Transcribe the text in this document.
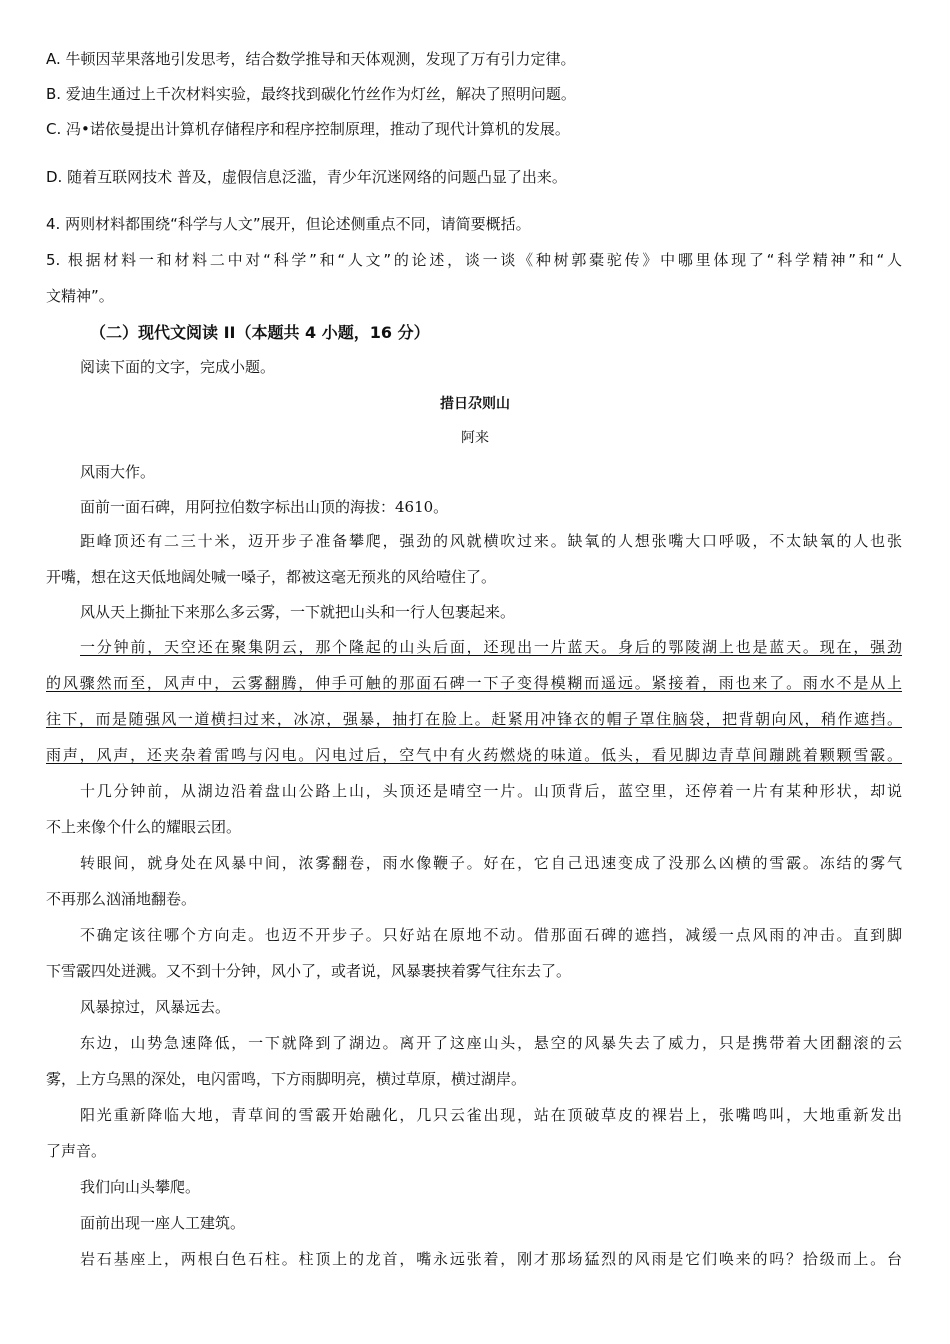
A. 牛顿因苹果落地引发思考，结合数学推导和天体观测，发现了万有引力定律。
B. 爱迪生通过上千次材料实验，最终找到碳化竹丝作为灯丝，解决了照明问题。
C. 冯•诺依曼提出计算机存储程序和程序控制原理，推动了现代计算机的发展。
D. 随着互联网技术 普及，虚假信息泛滥，青少年沉迷网络的问题凸显了出来。
4. 两则材料都围绕“科学与人文”展开，但论述侧重点不同，请简要概括。
5. 根据材料一和材料二中对“科学”和“人文”的论述，谈一谈《种树郭橐驼传》中哪里体现了“科学精神”和“人
文精神”。
（二）现代文阅读 II（本题共 4 小题，16 分）
阅读下面的文字，完成小题。
措日尕则山
阿来
风雨大作。
面前一面石碑，用阿拉伯数字标出山顶的海拔：4610。
距峰顶还有二三十米，迈开步子准备攀爬，强劲的风就横吹过来。缺氧的人想张嘴大口呼吸，不太缺氧的人也张
开嘴，想在这天低地阔处喊一嗓子，都被这毫无预兆的风给噎住了。
风从天上撕扯下来那么多云雾，一下就把山头和一行人包裹起来。
一分钟前，天空还在聚集阴云，那个隆起的山头后面，还现出一片蓝天。身后的鄂陵湖上也是蓝天。现在，强劲
的风骤然而至，风声中，云雾翻腾，伸手可触的那面石碑一下子变得模糊而遥远。紧接着，雨也来了。雨水不是从上
往下，而是随强风一道横扫过来，冰凉，强暴，抽打在脸上。赶紧用冲锋衣的帽子罩住脑袋，把背朝向风，稍作遮挡。
雨声，风声，还夹杂着雷鸣与闪电。闪电过后，空气中有火药燃烧的味道。低头，看见脚边青草间蹦跳着颗颗雪霰。
十几分钟前，从湖边沿着盘山公路上山，头顶还是晴空一片。山顶背后，蓝空里，还停着一片有某种形状，却说
不上来像个什么的耀眼云团。
转眼间，就身处在风暴中间，浓雾翻卷，雨水像鞭子。好在，它自己迅速变成了没那么凶横的雪霰。冻结的雾气
不再那么汹涌地翻卷。
不确定该往哪个方向走。也迈不开步子。只好站在原地不动。借那面石碑的遮挡，减缓一点风雨的冲击。直到脚
下雪霰四处迸溅。又不到十分钟，风小了，或者说，风暴裹挟着雾气往东去了。
风暴掠过，风暴远去。
东边，山势急速降低，一下就降到了湖边。离开了这座山头，悬空的风暴失去了威力，只是携带着大团翻滚的云
雾，上方乌黑的深处，电闪雷鸣，下方雨脚明亮，横过草原，横过湖岸。
阳光重新降临大地，青草间的雪霰开始融化，几只云雀出现，站在顶破草皮的裸岩上，张嘴鸣叫，大地重新发出
了声音。
我们向山头攀爬。
面前出现一座人工建筑。
岩石基座上，两根白色石柱。柱顶上的龙首，嘴永远张着，刚才那场猛烈的风雨是它们唤来的吗？拾级而上。台
